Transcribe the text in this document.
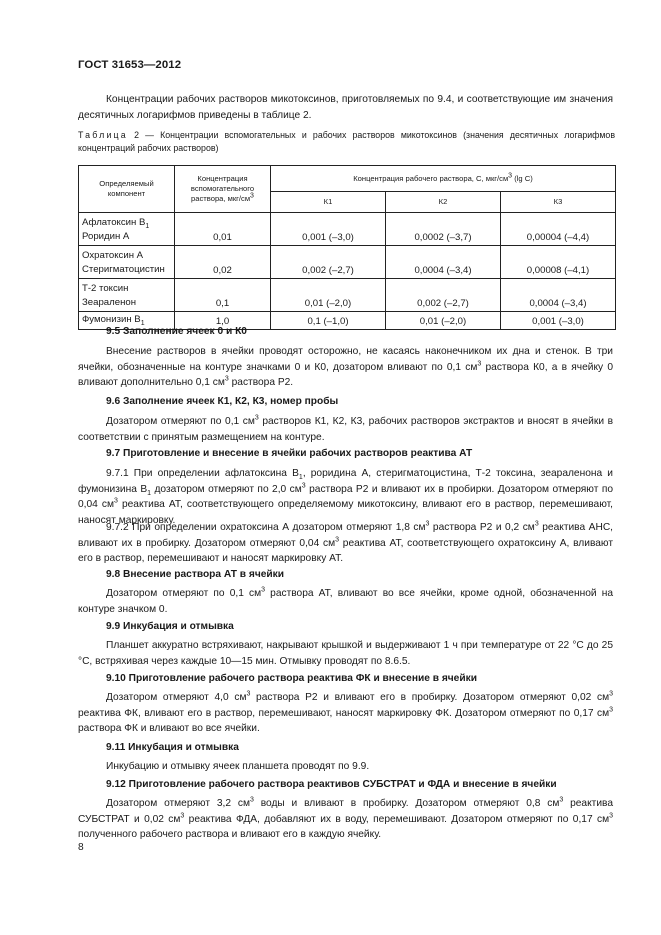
ГОСТ 31653—2012

Концентрации рабочих растворов микотоксинов, приготовляемых по 9.4, и соответствующие им значения десятичных логарифмов приведены в таблице 2.

Таблица 2 — Концентрации вспомогательных и рабочих растворов микотоксинов (значения десятичных логарифмов концентраций рабочих растворов)

Определяемый компонент	Концентрация вспомогательного раствора, мкг/$см^3$	Концентрация рабочего раствора, С, мкг/$см^3$ (lg C)		
		К1	К2	К3
Афлатоксин $В_1$
Роридин А	0,01	0,001 (–3,0)	0,0002 (–3,7)	0,00004 (–4,4)
Охратоксин А
Стеригматоцистин	0,02	0,002 (–2,7)	0,0004 (–3,4)	0,00008 (–4,1)
Т-2 токсин
Зеараленон	0,1	0,01 (–2,0)	0,002 (–2,7)	0,0004 (–3,4)
Фумонизин $В_1$	1,0	0,1 (–1,0)	0,01 (–2,0)	0,001 (–3,0)

9.5 Заполнение ячеек 0 и К0

Внесение растворов в ячейки проводят осторожно, не касаясь наконечником их дна и стенок. В три ячейки, обозначенные на контуре значками 0 и К0, дозатором вливают по 0,1 $см^3$ раствора К0, а в ячейку 0 вливают дополнительно 0,1 $см^3$ раствора Р2.

9.6 Заполнение ячеек К1, К2, К3, номер пробы

Дозатором отмеряют по 0,1 $см^3$ растворов К1, К2, К3, рабочих растворов экстрактов и вносят в ячейки в соответствии с принятым размещением на контуре.

9.7 Приготовление и внесение в ячейки рабочих растворов реактива АТ

9.7.1 При определении афлатоксина $В_1$, роридина А, стеригматоцистина, Т-2 токсина, зеараленона и фумонизина $В_1$ дозатором отмеряют по 2,0 $см^3$ раствора Р2 и вливают их в пробирки. Дозатором отмеряют по 0,04 $см^3$ реактива АТ, соответствующего определяемому микотоксину, вливают его в раствор, перемешивают, наносят маркировку.

9.7.2 При определении охратоксина А дозатором отмеряют 1,8 $см^3$ раствора Р2 и 0,2 $см^3$ реактива АНС, вливают их в пробирку. Дозатором отмеряют 0,04 $см^3$ реактива АТ, соответствующего охратоксину А, вливают его в раствор, перемешивают и наносят маркировку АТ.

9.8 Внесение раствора АТ в ячейки

Дозатором отмеряют по 0,1 $см^3$ раствора АТ, вливают во все ячейки, кроме одной, обозначенной на контуре значком 0.

9.9 Инкубация и отмывка

Планшет аккуратно встряхивают, накрывают крышкой и выдерживают 1 ч при температуре от 22 °С до 25 °С, встряхивая через каждые 10—15 мин. Отмывку проводят по 8.6.5.

9.10 Приготовление рабочего раствора реактива ФК и внесение в ячейки

Дозатором отмеряют 4,0 $см^3$ раствора Р2 и вливают его в пробирку. Дозатором отмеряют 0,02 $см^3$ реактива ФК, вливают его в раствор, перемешивают, наносят маркировку ФК. Дозатором отмеряют по 0,17 $см^3$ раствора ФК и вливают во все ячейки.

9.11 Инкубация и отмывка

Инкубацию и отмывку ячеек планшета проводят по 9.9.

9.12 Приготовление рабочего раствора реактивов СУБСТРАТ и ФДА и внесение в ячейки

Дозатором отмеряют 3,2 $см^3$ воды и вливают в пробирку. Дозатором отмеряют 0,8 $см^3$ реактива СУБСТРАТ и 0,02 $см^3$ реактива ФДА, добавляют их в воду, перемешивают. Дозатором отмеряют по 0,17 $см^3$ полученного рабочего раствора и вливают его в каждую ячейку.

8
